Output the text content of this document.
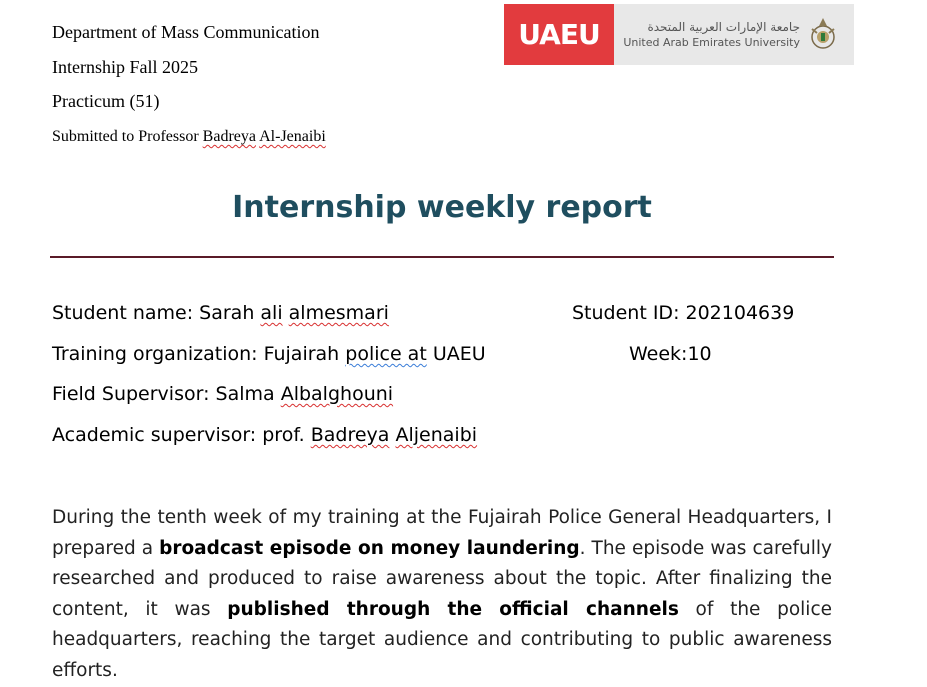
Department of Mass Communication
Internship Fall 2025
Practicum (51)
Submitted to Professor Badreya Al-Jenaibi
UAEU	جامعة الإمارات العربية المتحدة
United Arab Emirates University
Internship weekly report
Student name: Sarah ali almesmari	Student ID: 202104639
Training organization: Fujairah police at UAEU	Week:10
Field Supervisor: Salma Albalghouni
Academic supervisor: prof. Badreya Aljenaibi
During the tenth week of my training at the Fujairah Police General Headquarters, I prepared a broadcast episode on money laundering. The episode was carefully researched and produced to raise awareness about the topic. After finalizing the content, it was published through the official channels of the police headquarters, reaching the target audience and contributing to public awareness efforts.
